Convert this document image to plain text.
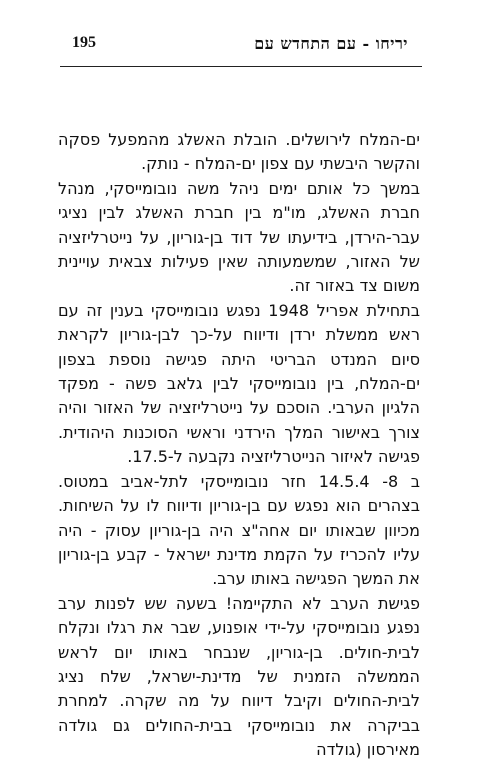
יריחו - עם התחדש עם
195

ים-המלח לירושלים. הובלת האשלג מהמפעל פסקה והקשר היבשתי עם צפון ים-המלח - נותק.

במשך כל אותם ימים ניהל משה נובומייסקי, מנהל חברת האשלג, מו"מ בין חברת האשלג לבין נציגי עבר-הירדן, בידיעתו של דוד בן-גוריון, על נייטרליזציה של האזור, שמשמעותה שאין פעילות צבאית עויינית משום צד באזור זה.

בתחילת אפריל 1948 נפגש נובומייסקי בענין זה עם ראש ממשלת ירדן ודיווח על-כך לבן-גוריון לקראת סיום המנדט הבריטי היתה פגישה נוספת בצפון ים-המלח, בין נובומייסקי לבין גלאב פשה - מפקד הלגיון הערבי. הוסכם על נייטרליזציה של האזור והיה צורך באישור המלך הירדני וראשי הסוכנות היהודית. פגישה לאיזור הנייטרליזציה נקבעה ל-17.5.

ב 8- 14.5.4 חזר נובומייסקי לתל-אביב במטוס. בצהרים הוא נפגש עם בן-גוריון ודיווח לו על השיחות. מכיוון שבאותו יום אחה"צ היה בן-גוריון עסוק - היה עליו להכריז על הקמת מדינת ישראל - קבע בן-גוריון את המשך הפגישה באותו ערב.

פגישת הערב לא התקיימה! בשעה שש לפנות ערב נפגע נובומייסקי על-ידי אופנוע, שבר את רגלו ונקלח לבית-חולים. בן-גוריון, שנבחר באותו יום לראש הממשלה הזמנית של מדינת-ישראל, שלח נציג לבית-החולים וקיבל דיווח על מה שקרה. למחרת בביקרה את נובומייסקי בבית-החולים גם גולדה מאירסון (גולדה
